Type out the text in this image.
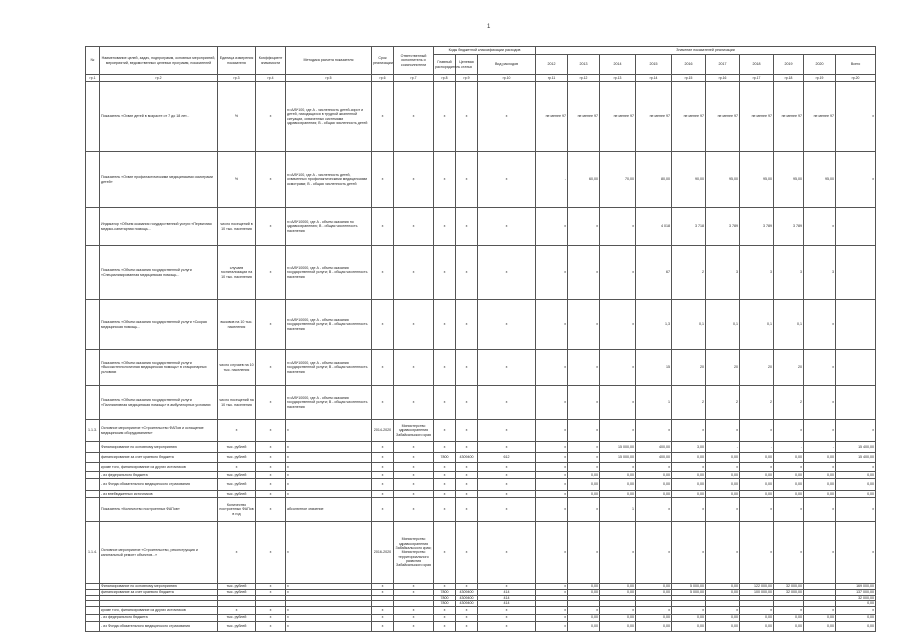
1
№	Наименование целей, задач, подпрограмм, основных мероприятий, мероприятий, ведомственных целевых программ, показателей	Единица измерения показателя	Коэффициент значимости	Методика расчета показателя	Срок реализации	Ответственный исполнитель и соисполнители	Коды бюджетной классификации расходов			Значение показателей реализации									
							Главный распорядитель	Целевая статья	Вид расходов	2012	2013	2014	2015	2016	2017	2018	2019	2020	Всего
гр.1	гр.2	гр.3	гр.4	гр.5	гр.6	гр.7	гр.8	гр.9	гр.10	гр.11	гр.12	гр.13	гр.14	гр.15	гр.16	гр.17	гр.18	гр.19	гр.20
	Показатель «Охват детей в возрасте от 7 до 18 лет...	%	х	n=A/B*100, где A - численность детей-сирот и детей, находящихся в трудной жизненной ситуации, охваченных системами здравоохранения; B - общая численность детей	х	х	х	х	х	не менее 97	не менее 97	не менее 97	не менее 97	не менее 97	не менее 97	не менее 97	не менее 97	не менее 97	х
	Показатель «Охват профилактическими медицинскими осмотрами детей»	%	х	n=A/B*100, где A - численность детей, охваченных профилактическими медицинскими осмотрами; B - общая численность детей	х	х	х	х	х	-	60,00	70,00	80,00	90,00	95,00	95,00	95,00	95,00	х
	Индикатор «Объем оказания государственной услуги «Первичная медико-санитарная помощь...	число посещений в 10 тыс. населения	х	n=A/B*10000, где A - объем оказания по здравоохранению; B - общая численность населения	х	х	х	х	х	х	х	х	4 018	3 718	3 789	3 789	3 789	х	
	Показатель «Объем оказания государственной услуги «Специализированная медицинская помощь...	случаев госпитализации на 10 тыс. населения	х	n=A/B*10000, где A - объем оказания государственной услуги; B - общая численность населения	х	х	х	х	х	х	х	х	67	2	3	3	3	3	
	Показатель «Объем оказания государственной услуги «Скорая медицинская помощь...	вызовов на 10 тыс. населения	х	n=A/B*10000, где A - объем оказания государственной услуги; B - общая численность населения	х	х	х	х	х	х	х	х	1,3	0,1	0,1	0,1	0,1	х	
	Показатель «Объем оказания государственной услуги «Высокотехнологичная медицинская помощь» в стационарных условиях	число случаев на 10 тыс. населения	х	n=A/B*10000, где A - объем оказания государственной услуги; B - общая численность населения	х	х	х	х	х	х	х	х	15	20	20	20	20	х	
	Показатель «Объем оказания государственной услуги «Паллиативная медицинская помощь» в амбулаторных условиях	число посещений на 10 тыс. населения	х	n=A/B*10000, где A - объем оказания государственной услуги; B - общая численность населения	х	х	х	х	х	х	х	х	1	2	2	2	2	х	
1.1.3.	Основное мероприятие «Строительство ФАПов и оснащение медицинским оборудованием»	х	х	х	2014-2020	Министерство здравоохранения Забайкальского края	х	х	х	х	х	х	х	х	х	х	х	х	х
	Финансирование по основному мероприятию	тыс. рублей	х	х	х	х	х	х	х	х	х	15 000,00	400,00	3,00	-	-	-	-	15 400,00
	финансирование за счет краевого бюджета	тыс. рублей	х	х	х	х	7800	4309400	612	х	х	15 000,00	400,00	0,00	0,00	0,00	0,00	0,00	15 400,00
	кроме того, финансирование из других источников	х	х	х	х	х	х	х	х	х	х	х	х	х	х	х	х	х	х
	- из федерального бюджета	тыс. рублей	х	х	х	х	х	х	х	х	0,00	0,00	0,00	0,00	0,00	0,00	0,00	0,00	0,00
	- из Фонда обязательного медицинского страхования	тыс. рублей	х	х	х	х	х	х	х	х	0,00	0,00	0,00	0,00	0,00	0,00	0,00	0,00	0,00
	- из внебюджетных источников	тыс. рублей	х	х	х	х	х	х	х	х	0,00	0,00	0,00	0,00	0,00	0,00	0,00	0,00	0,00
	Показатель «Количество построенных ФАПов»	Количество построенных ФАПов в год	х	абсолютное значение	х	х	х	х	х	х	х	1	х	х	х	х	х	х	х
1.1.4.	Основное мероприятие «Строительство, реконструкция и капитальный ремонт объектов...»	х	х	х	2016-2020	Министерство здравоохранения Забайкальского края; Министерство территориального развития Забайкальского края	х	х	х	х	х	х	х	х	х	х	х	х	х
	Финансирование по основному мероприятию	тыс. рублей	х	х	х	х	х	х	х	х	0,00	0,00	0,00	5 000,00	0,00	122 000,00	32 000,00		169 000,00
	финансирование за счет краевого бюджета	тыс. рублей	х	х	х	х	7800	4309400	414	х	0,00	0,00	0,00	5 000,00	0,00	100 000,00	32 000,00		137 000,00
							7800	4309400	414										32 000,00
							7800	4309400	414										0,00
	кроме того, финансирование из других источников	х	х	х	х	х	х	х	х	х	х	х	х	х	х	х	х	х	х
	- из федерального бюджета	тыс. рублей	х	х	х	х	х	х	х	х	0,00	0,00	0,00	0,00	0,00	0,00	0,00	0,00	0,00
	- из Фонда обязательного медицинского страхования	тыс. рублей	х	х	х	х	х	х	х	х	0,00	0,00	0,00	0,00	0,00	0,00	0,00	0,00	0,00
